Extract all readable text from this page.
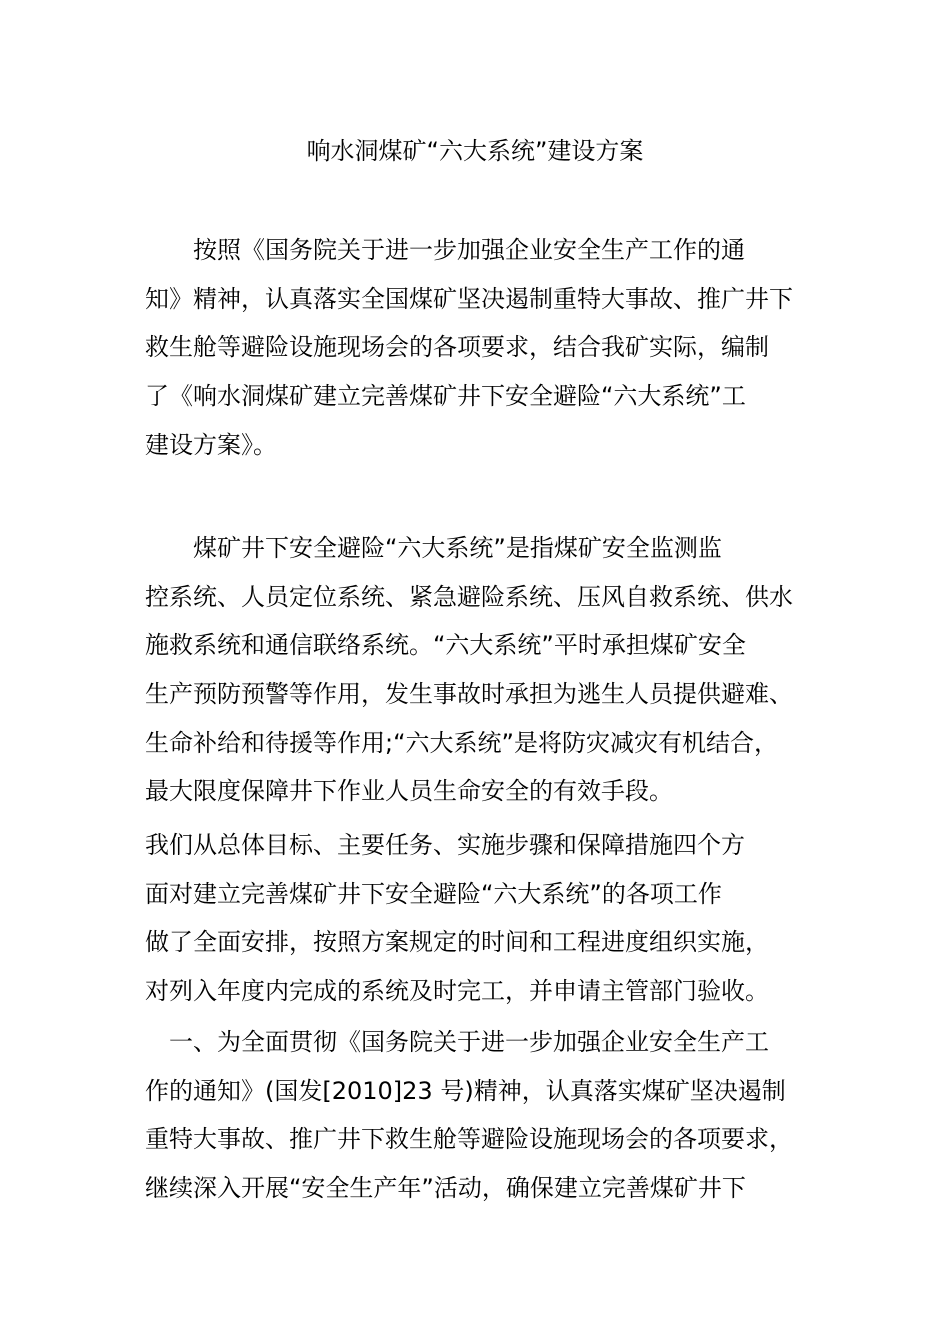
响水洞煤矿“六大系统”建设方案
　　按照《国务院关于进一步加强企业安全生产工作的通
知》精神，认真落实全国煤矿坚决遏制重特大事故、推广井下
救生舱等避险设施现场会的各项要求，结合我矿实际，编制
了《响水洞煤矿建立完善煤矿井下安全避险“六大系统”工
建设方案》。
　　煤矿井下安全避险“六大系统”是指煤矿安全监测监
控系统、人员定位系统、紧急避险系统、压风自救系统、供水
施救系统和通信联络系统。“六大系统”平时承担煤矿安全
生产预防预警等作用，发生事故时承担为逃生人员提供避难、
生命补给和待援等作用;“六大系统”是将防灾减灾有机结合，
最大限度保障井下作业人员生命安全的有效手段。
我们从总体目标、主要任务、实施步骤和保障措施四个方
面对建立完善煤矿井下安全避险“六大系统”的各项工作
做了全面安排，按照方案规定的时间和工程进度组织实施，
对列入年度内完成的系统及时完工，并申请主管部门验收。
　一、为全面贯彻《国务院关于进一步加强企业安全生产工
作的通知》(国发[2010]23 号)精神，认真落实煤矿坚决遏制
重特大事故、推广井下救生舱等避险设施现场会的各项要求，
继续深入开展“安全生产年”活动，确保建立完善煤矿井下
